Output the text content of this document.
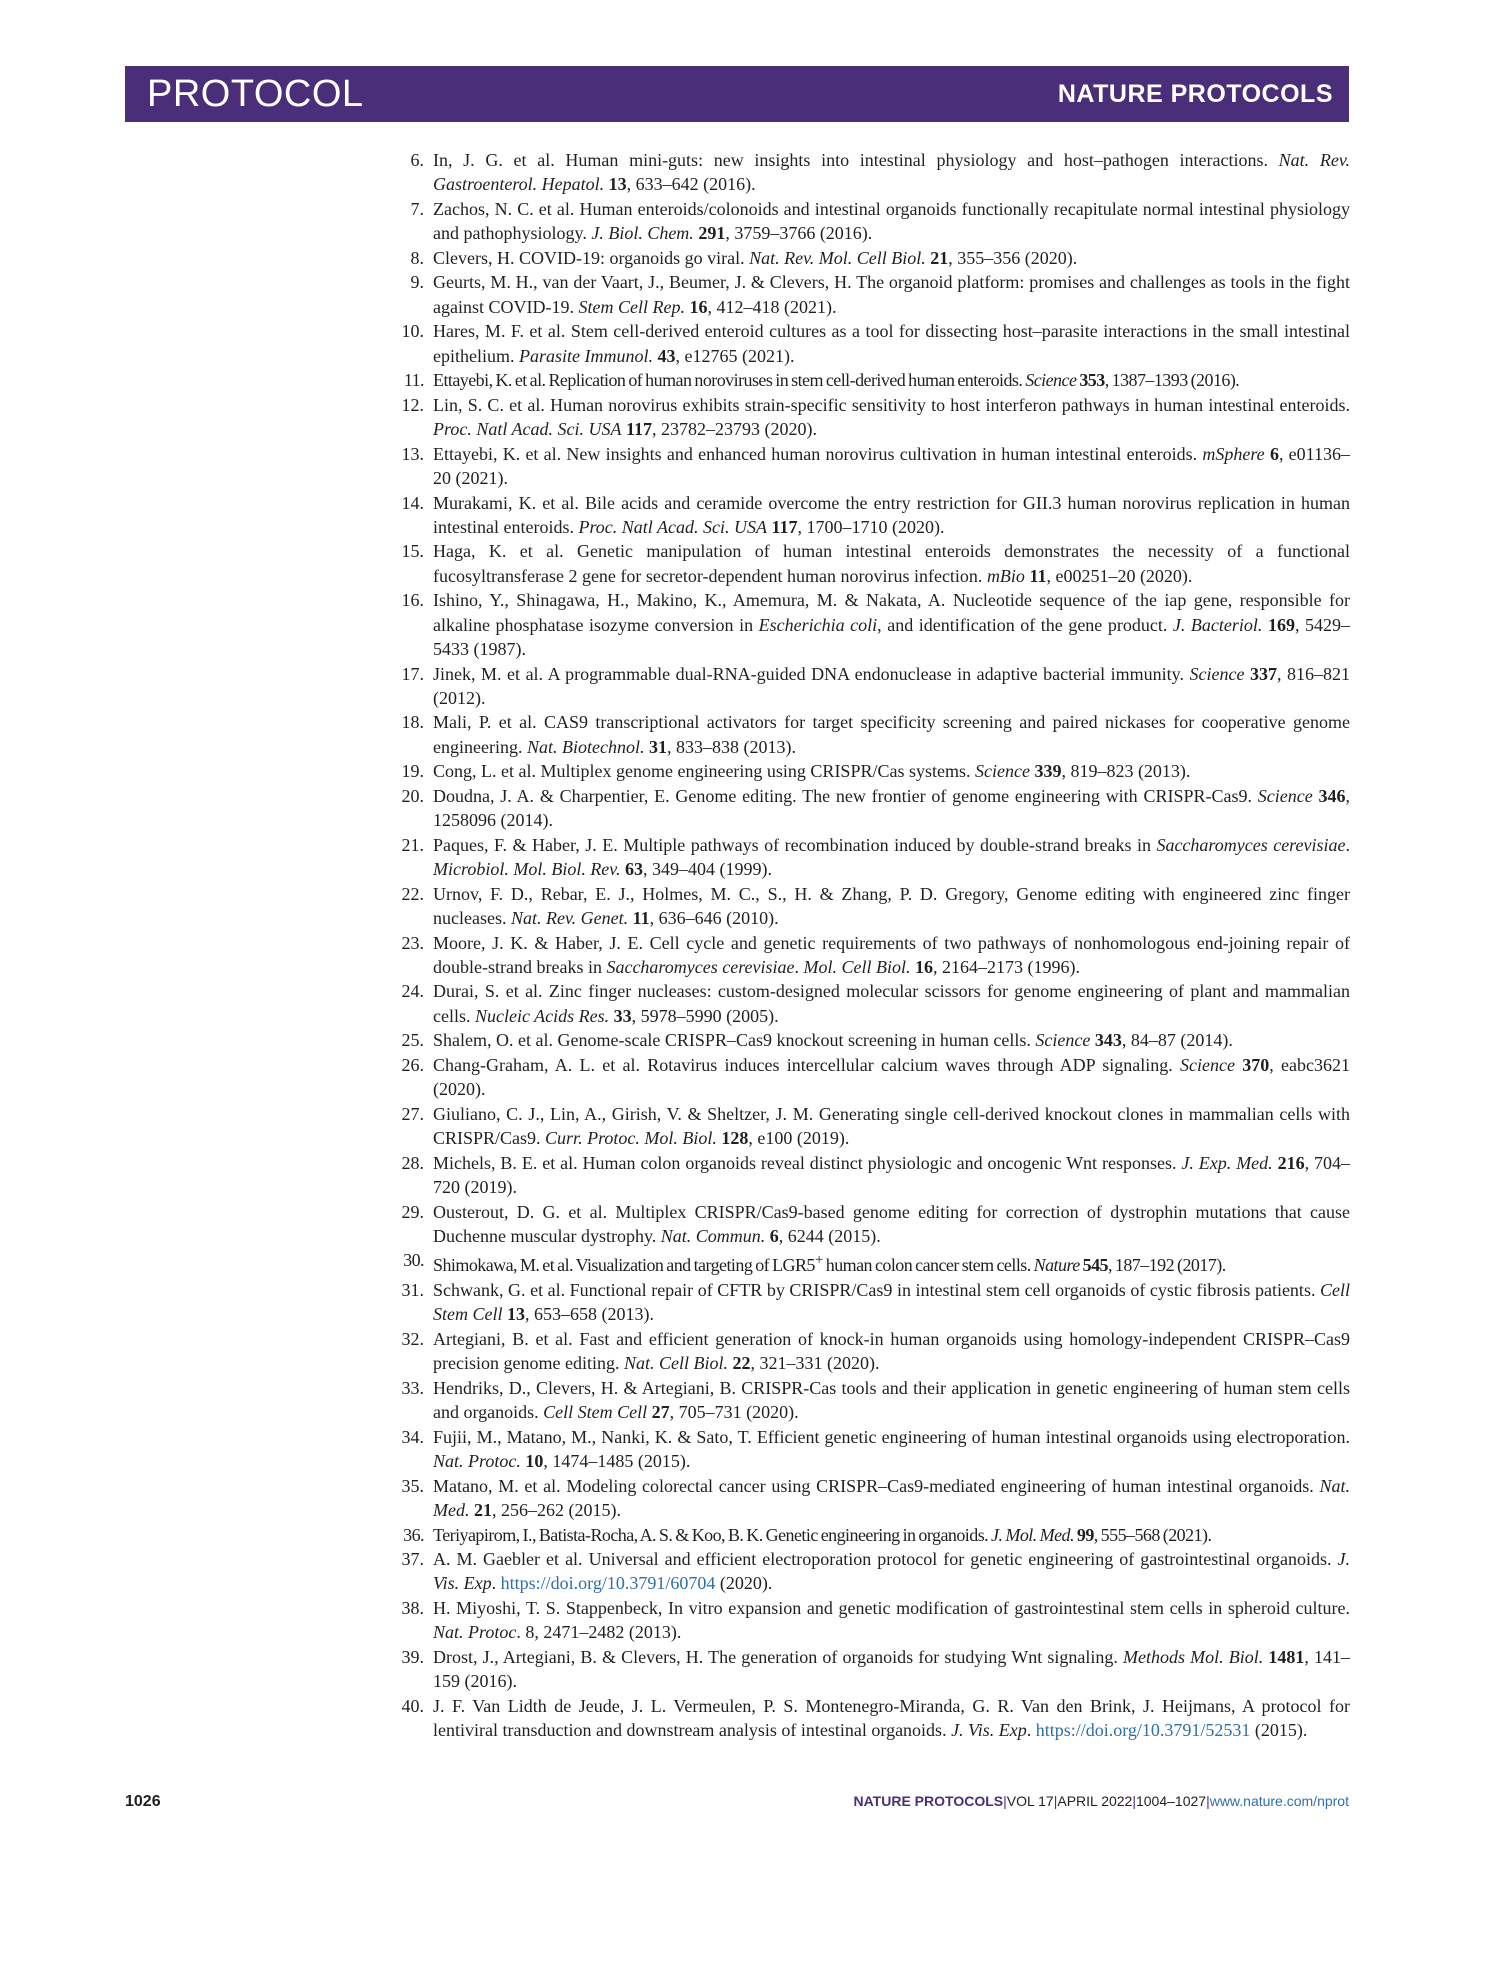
PROTOCOL	NATURE PROTOCOLS
6. In, J. G. et al. Human mini-guts: new insights into intestinal physiology and host–pathogen interactions. Nat. Rev. Gastroenterol. Hepatol. 13, 633–642 (2016).
7. Zachos, N. C. et al. Human enteroids/colonoids and intestinal organoids functionally recapitulate normal intestinal physiology and pathophysiology. J. Biol. Chem. 291, 3759–3766 (2016).
8. Clevers, H. COVID-19: organoids go viral. Nat. Rev. Mol. Cell Biol. 21, 355–356 (2020).
9. Geurts, M. H., van der Vaart, J., Beumer, J. & Clevers, H. The organoid platform: promises and challenges as tools in the fight against COVID-19. Stem Cell Rep. 16, 412–418 (2021).
10. Hares, M. F. et al. Stem cell-derived enteroid cultures as a tool for dissecting host–parasite interactions in the small intestinal epithelium. Parasite Immunol. 43, e12765 (2021).
11. Ettayebi, K. et al. Replication of human noroviruses in stem cell-derived human enteroids. Science 353, 1387–1393 (2016).
12. Lin, S. C. et al. Human norovirus exhibits strain-specific sensitivity to host interferon pathways in human intestinal enteroids. Proc. Natl Acad. Sci. USA 117, 23782–23793 (2020).
13. Ettayebi, K. et al. New insights and enhanced human norovirus cultivation in human intestinal enteroids. mSphere 6, e01136–20 (2021).
14. Murakami, K. et al. Bile acids and ceramide overcome the entry restriction for GII.3 human norovirus replication in human intestinal enteroids. Proc. Natl Acad. Sci. USA 117, 1700–1710 (2020).
15. Haga, K. et al. Genetic manipulation of human intestinal enteroids demonstrates the necessity of a functional fucosyltransferase 2 gene for secretor-dependent human norovirus infection. mBio 11, e00251–20 (2020).
16. Ishino, Y., Shinagawa, H., Makino, K., Amemura, M. & Nakata, A. Nucleotide sequence of the iap gene, responsible for alkaline phosphatase isozyme conversion in Escherichia coli, and identification of the gene product. J. Bacteriol. 169, 5429–5433 (1987).
17. Jinek, M. et al. A programmable dual-RNA-guided DNA endonuclease in adaptive bacterial immunity. Science 337, 816–821 (2012).
18. Mali, P. et al. CAS9 transcriptional activators for target specificity screening and paired nickases for cooperative genome engineering. Nat. Biotechnol. 31, 833–838 (2013).
19. Cong, L. et al. Multiplex genome engineering using CRISPR/Cas systems. Science 339, 819–823 (2013).
20. Doudna, J. A. & Charpentier, E. Genome editing. The new frontier of genome engineering with CRISPR-Cas9. Science 346, 1258096 (2014).
21. Paques, F. & Haber, J. E. Multiple pathways of recombination induced by double-strand breaks in Saccharomyces cerevisiae. Microbiol. Mol. Biol. Rev. 63, 349–404 (1999).
22. Urnov, F. D., Rebar, E. J., Holmes, M. C., S., H. & Zhang, P. D. Gregory, Genome editing with engineered zinc finger nucleases. Nat. Rev. Genet. 11, 636–646 (2010).
23. Moore, J. K. & Haber, J. E. Cell cycle and genetic requirements of two pathways of nonhomologous end-joining repair of double-strand breaks in Saccharomyces cerevisiae. Mol. Cell Biol. 16, 2164–2173 (1996).
24. Durai, S. et al. Zinc finger nucleases: custom-designed molecular scissors for genome engineering of plant and mammalian cells. Nucleic Acids Res. 33, 5978–5990 (2005).
25. Shalem, O. et al. Genome-scale CRISPR–Cas9 knockout screening in human cells. Science 343, 84–87 (2014).
26. Chang-Graham, A. L. et al. Rotavirus induces intercellular calcium waves through ADP signaling. Science 370, eabc3621 (2020).
27. Giuliano, C. J., Lin, A., Girish, V. & Sheltzer, J. M. Generating single cell-derived knockout clones in mammalian cells with CRISPR/Cas9. Curr. Protoc. Mol. Biol. 128, e100 (2019).
28. Michels, B. E. et al. Human colon organoids reveal distinct physiologic and oncogenic Wnt responses. J. Exp. Med. 216, 704–720 (2019).
29. Ousterout, D. G. et al. Multiplex CRISPR/Cas9-based genome editing for correction of dystrophin mutations that cause Duchenne muscular dystrophy. Nat. Commun. 6, 6244 (2015).
30. Shimokawa, M. et al. Visualization and targeting of LGR5+ human colon cancer stem cells. Nature 545, 187–192 (2017).
31. Schwank, G. et al. Functional repair of CFTR by CRISPR/Cas9 in intestinal stem cell organoids of cystic fibrosis patients. Cell Stem Cell 13, 653–658 (2013).
32. Artegiani, B. et al. Fast and efficient generation of knock-in human organoids using homology-independent CRISPR–Cas9 precision genome editing. Nat. Cell Biol. 22, 321–331 (2020).
33. Hendriks, D., Clevers, H. & Artegiani, B. CRISPR-Cas tools and their application in genetic engineering of human stem cells and organoids. Cell Stem Cell 27, 705–731 (2020).
34. Fujii, M., Matano, M., Nanki, K. & Sato, T. Efficient genetic engineering of human intestinal organoids using electroporation. Nat. Protoc. 10, 1474–1485 (2015).
35. Matano, M. et al. Modeling colorectal cancer using CRISPR–Cas9-mediated engineering of human intestinal organoids. Nat. Med. 21, 256–262 (2015).
36. Teriyapirom, I., Batista-Rocha, A. S. & Koo, B. K. Genetic engineering in organoids. J. Mol. Med. 99, 555–568 (2021).
37. A. M. Gaebler et al. Universal and efficient electroporation protocol for genetic engineering of gastrointestinal organoids. J. Vis. Exp. https://doi.org/10.3791/60704 (2020).
38. H. Miyoshi, T. S. Stappenbeck, In vitro expansion and genetic modification of gastrointestinal stem cells in spheroid culture. Nat. Protoc. 8, 2471–2482 (2013).
39. Drost, J., Artegiani, B. & Clevers, H. The generation of organoids for studying Wnt signaling. Methods Mol. Biol. 1481, 141–159 (2016).
40. J. F. Van Lidth de Jeude, J. L. Vermeulen, P. S. Montenegro-Miranda, G. R. Van den Brink, J. Heijmans, A protocol for lentiviral transduction and downstream analysis of intestinal organoids. J. Vis. Exp. https://doi.org/10.3791/52531 (2015).
1026	NATURE PROTOCOLS|VOL 17|APRIL 2022|1004–1027|www.nature.com/nprot
